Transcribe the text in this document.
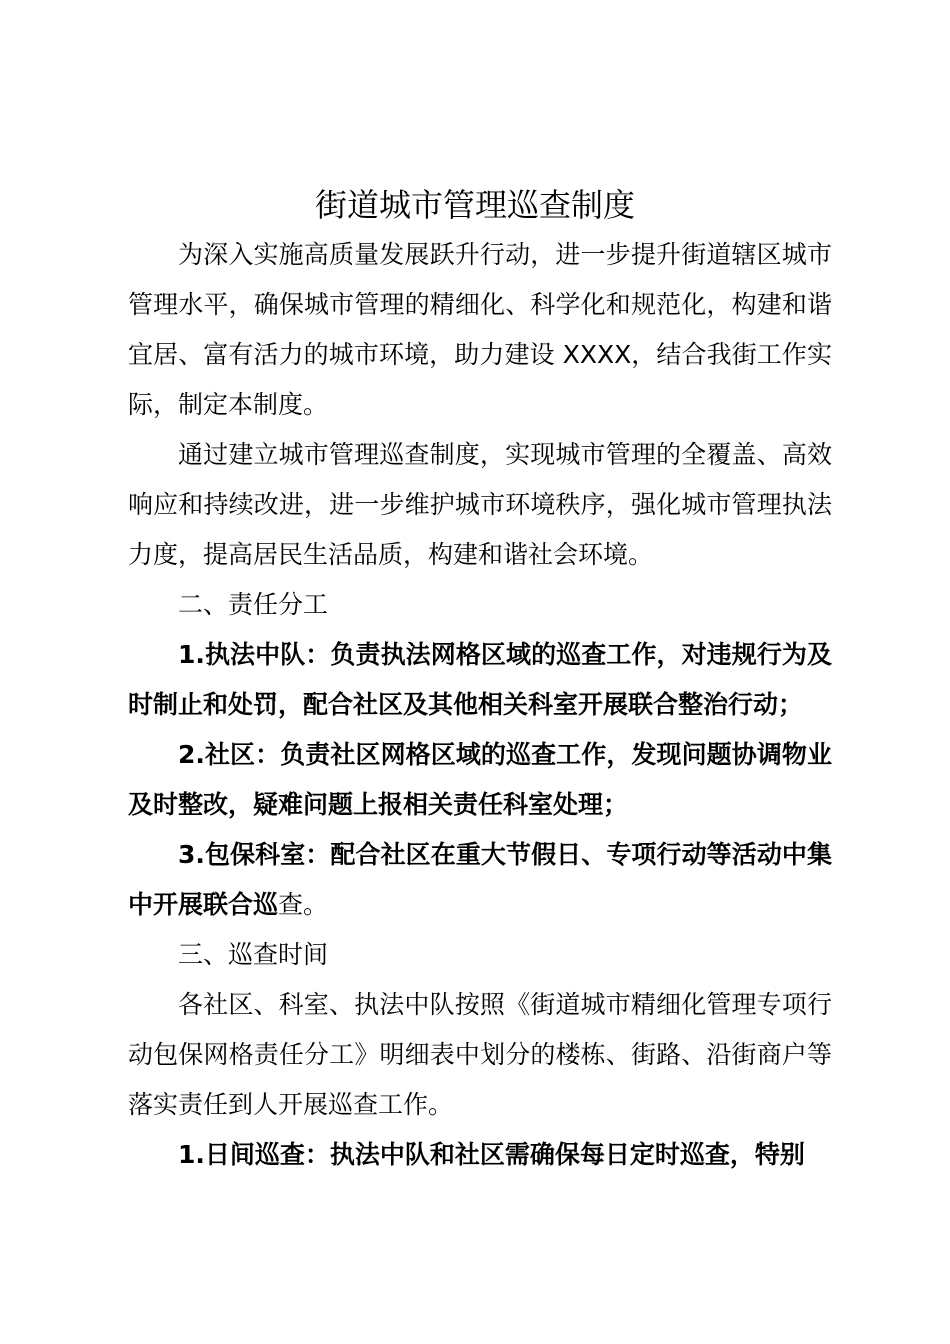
街道城市管理巡查制度

为深入实施高质量发展跃升行动，进一步提升街道辖区城市管理水平，确保城市管理的精细化、科学化和规范化，构建和谐宜居、富有活力的城市环境，助力建设 XXXX，结合我街工作实际，制定本制度。

通过建立城市管理巡查制度，实现城市管理的全覆盖、高效响应和持续改进，进一步维护城市环境秩序，强化城市管理执法力度，提高居民生活品质，构建和谐社会环境。

二、责任分工

1.执法中队：负责执法网格区域的巡查工作，对违规行为及时制止和处罚，配合社区及其他相关科室开展联合整治行动；

2.社区：负责社区网格区域的巡查工作，发现问题协调物业及时整改，疑难问题上报相关责任科室处理；

3.包保科室：配合社区在重大节假日、专项行动等活动中集中开展联合巡查。

三、巡查时间

各社区、科室、执法中队按照《街道城市精细化管理专项行动包保网格责任分工》明细表中划分的楼栋、街路、沿街商户等落实责任到人开展巡查工作。

1.日间巡查：执法中队和社区需确保每日定时巡查，特别
